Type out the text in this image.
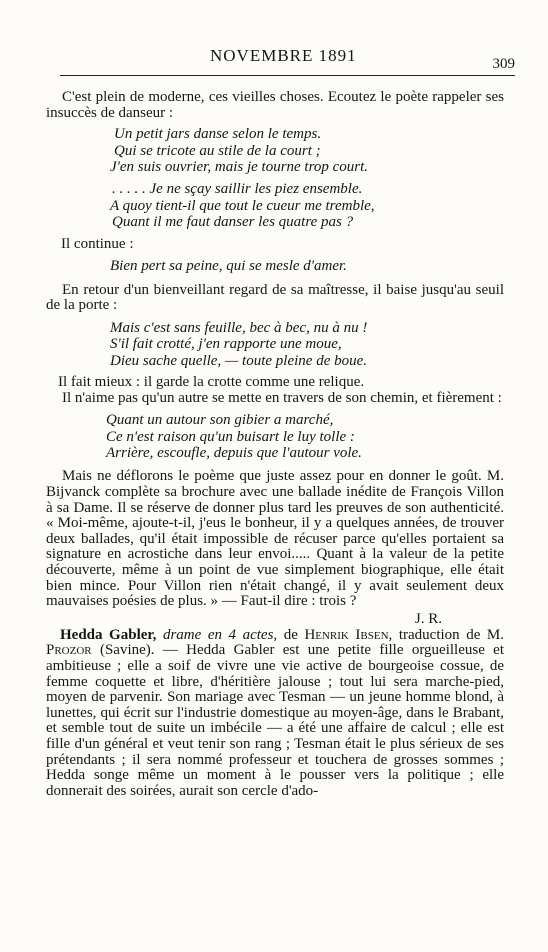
NOVEMBRE 1891	309

C'est plein de moderne, ces vieilles choses. Ecoutez le poète rappeler ses insuccès de danseur :

Un petit jars danse selon le temps.
Qui se tricote au stile de la court ;
J'en suis ouvrier, mais je tourne trop court.
. . . . . Je ne sçay saillir les piez ensemble.
A quoy tient-il que tout le cueur me tremble,
Quant il me faut danser les quatre pas ?

Il continue :

Bien pert sa peine, qui se mesle d'amer.

En retour d'un bienveillant regard de sa maîtresse, il baise jusqu'au seuil de la porte :

Mais c'est sans feuille, bec à bec, nu à nu !
S'il fait crotté, j'en rapporte une moue,
Dieu sache quelle, — toute pleine de boue.

Il fait mieux : il garde la crotte comme une relique.

Il n'aime pas qu'un autre se mette en travers de son chemin, et fièrement :

Quant un autour son gibier a marché,
Ce n'est raison qu'un buisart le luy tolle :
Arrière, escoufle, depuis que l'autour vole.

Mais ne déflorons le poème que juste assez pour en donner le goût. M. Bijvanck complète sa brochure avec une ballade inédite de François Villon à sa Dame. Il se réserve de donner plus tard les preuves de son authenticité. « Moi-même, ajoute-t-il, j'eus le bonheur, il y a quelques années, de trouver deux ballades, qu'il était impossible de récuser parce qu'elles portaient sa signature en acrostiche dans leur envoi..... Quant à la valeur de la petite découverte, même à un point de vue simplement biographique, elle était bien mince. Pour Villon rien n'était changé, il y avait seulement deux mauvaises poésies de plus. » — Faut-il dire : trois ?

J. R.

Hedda Gabler, drame en 4 actes, de Henrik Ibsen, traduction de M. Prozor (Savine). — Hedda Gabler est une petite fille orgueilleuse et ambitieuse ; elle a soif de vivre une vie active de bourgeoise cossue, de femme coquette et libre, d'héritière jalouse ; tout lui sera marche-pied, moyen de parvenir. Son mariage avec Tesman — un jeune homme blond, à lunettes, qui écrit sur l'industrie domestique au moyen-âge, dans le Brabant, et semble tout de suite un imbécile — a été une affaire de calcul ; elle est fille d'un général et veut tenir son rang ; Tesman était le plus sérieux de ses prétendants ; il sera nommé professeur et touchera de grosses sommes ; Hedda songe même un moment à le pousser vers la politique ; elle donnerait des soirées, aurait son cercle d'ado-
